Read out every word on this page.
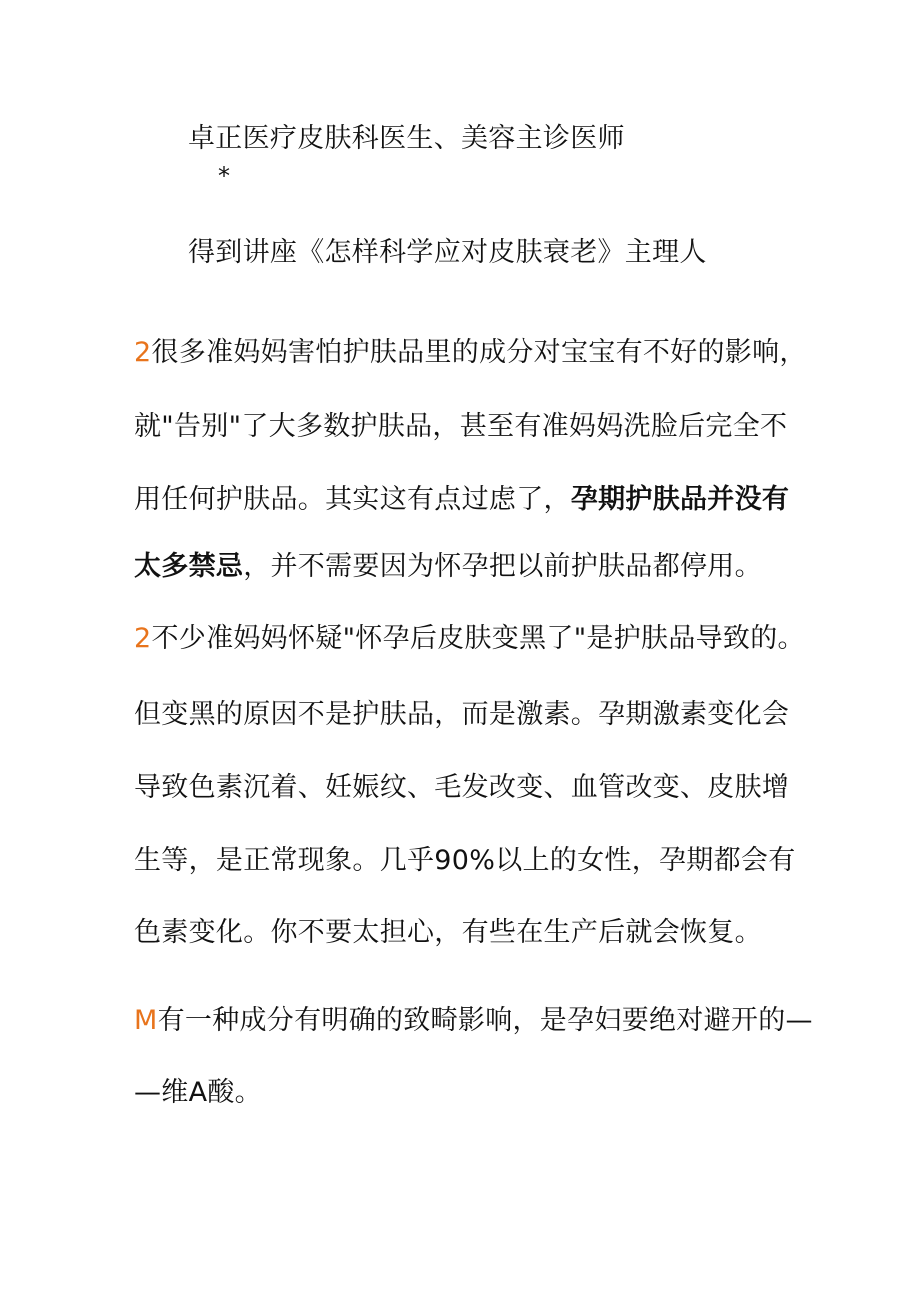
卓正医疗皮肤科医生、美容主诊医师
*
得到讲座《怎样科学应对皮肤衰老》主理人
2很多准妈妈害怕护肤品里的成分对宝宝有不好的影响，
就"告别"了大多数护肤品，甚至有准妈妈洗脸后完全不
用任何护肤品。其实这有点过虑了，孕期护肤品并没有
太多禁忌，并不需要因为怀孕把以前护肤品都停用。
2不少准妈妈怀疑"怀孕后皮肤变黑了"是护肤品导致的。
但变黑的原因不是护肤品，而是激素。孕期激素变化会
导致色素沉着、妊娠纹、毛发改变、血管改变、皮肤增
生等，是正常现象。几乎90%以上的女性，孕期都会有
色素变化。你不要太担心，有些在生产后就会恢复。
M有一种成分有明确的致畸影响，是孕妇要绝对避开的—
—维A酸。
